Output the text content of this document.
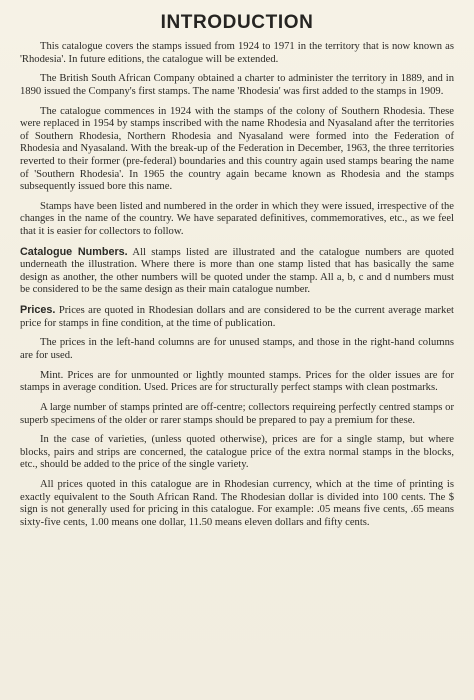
INTRODUCTION

This catalogue covers the stamps issued from 1924 to 1971 in the territory that is now known as 'Rhodesia'. In future editions, the catalogue will be extended.

The British South African Company obtained a charter to administer the territory in 1889, and in 1890 issued the Company's first stamps. The name 'Rhodesia' was first added to the stamps in 1909.

The catalogue commences in 1924 with the stamps of the colony of Southern Rhodesia. These were replaced in 1954 by stamps inscribed with the name Rhodesia and Nyasaland after the territories of Southern Rhodesia, Northern Rhodesia and Nyasaland were formed into the Federation of Rhodesia and Nyasaland. With the break-up of the Federation in December, 1963, the three territories reverted to their former (pre-federal) boundaries and this country again used stamps bearing the name of 'Southern Rhodesia'. In 1965 the country again became known as Rhodesia and the stamps subsequently issued bore this name.

Stamps have been listed and numbered in the order in which they were issued, irrespective of the changes in the name of the country. We have separated definitives, commemoratives, etc., as we feel that it is easier for collectors to follow.

Catalogue Numbers. All stamps listed are illustrated and the catalogue numbers are quoted underneath the illustration. Where there is more than one stamp listed that has basically the same design as another, the other numbers will be quoted under the stamp. All a, b, c and d numbers must be considered to be the same design as their main catalogue number.

Prices. Prices are quoted in Rhodesian dollars and are considered to be the current average market price for stamps in fine condition, at the time of publication.

The prices in the left-hand columns are for unused stamps, and those in the right-hand columns are for used.

Mint. Prices are for unmounted or lightly mounted stamps. Prices for the older issues are for stamps in average condition. Used. Prices are for structurally perfect stamps with clean postmarks.

A large number of stamps printed are off-centre; collectors requireing perfectly centred stamps or superb specimens of the older or rarer stamps should be prepared to pay a premium for these.

In the case of varieties, (unless quoted otherwise), prices are for a single stamp, but where blocks, pairs and strips are concerned, the catalogue price of the extra normal stamps in the blocks, etc., should be added to the price of the single variety.

All prices quoted in this catalogue are in Rhodesian currency, which at the time of printing is exactly equivalent to the South African Rand. The Rhodesian dollar is divided into 100 cents. The $ sign is not generally used for pricing in this catalogue. For example: .05 means five cents, .65 means sixty-five cents, 1.00 means one dollar, 11.50 means eleven dollars and fifty cents.
